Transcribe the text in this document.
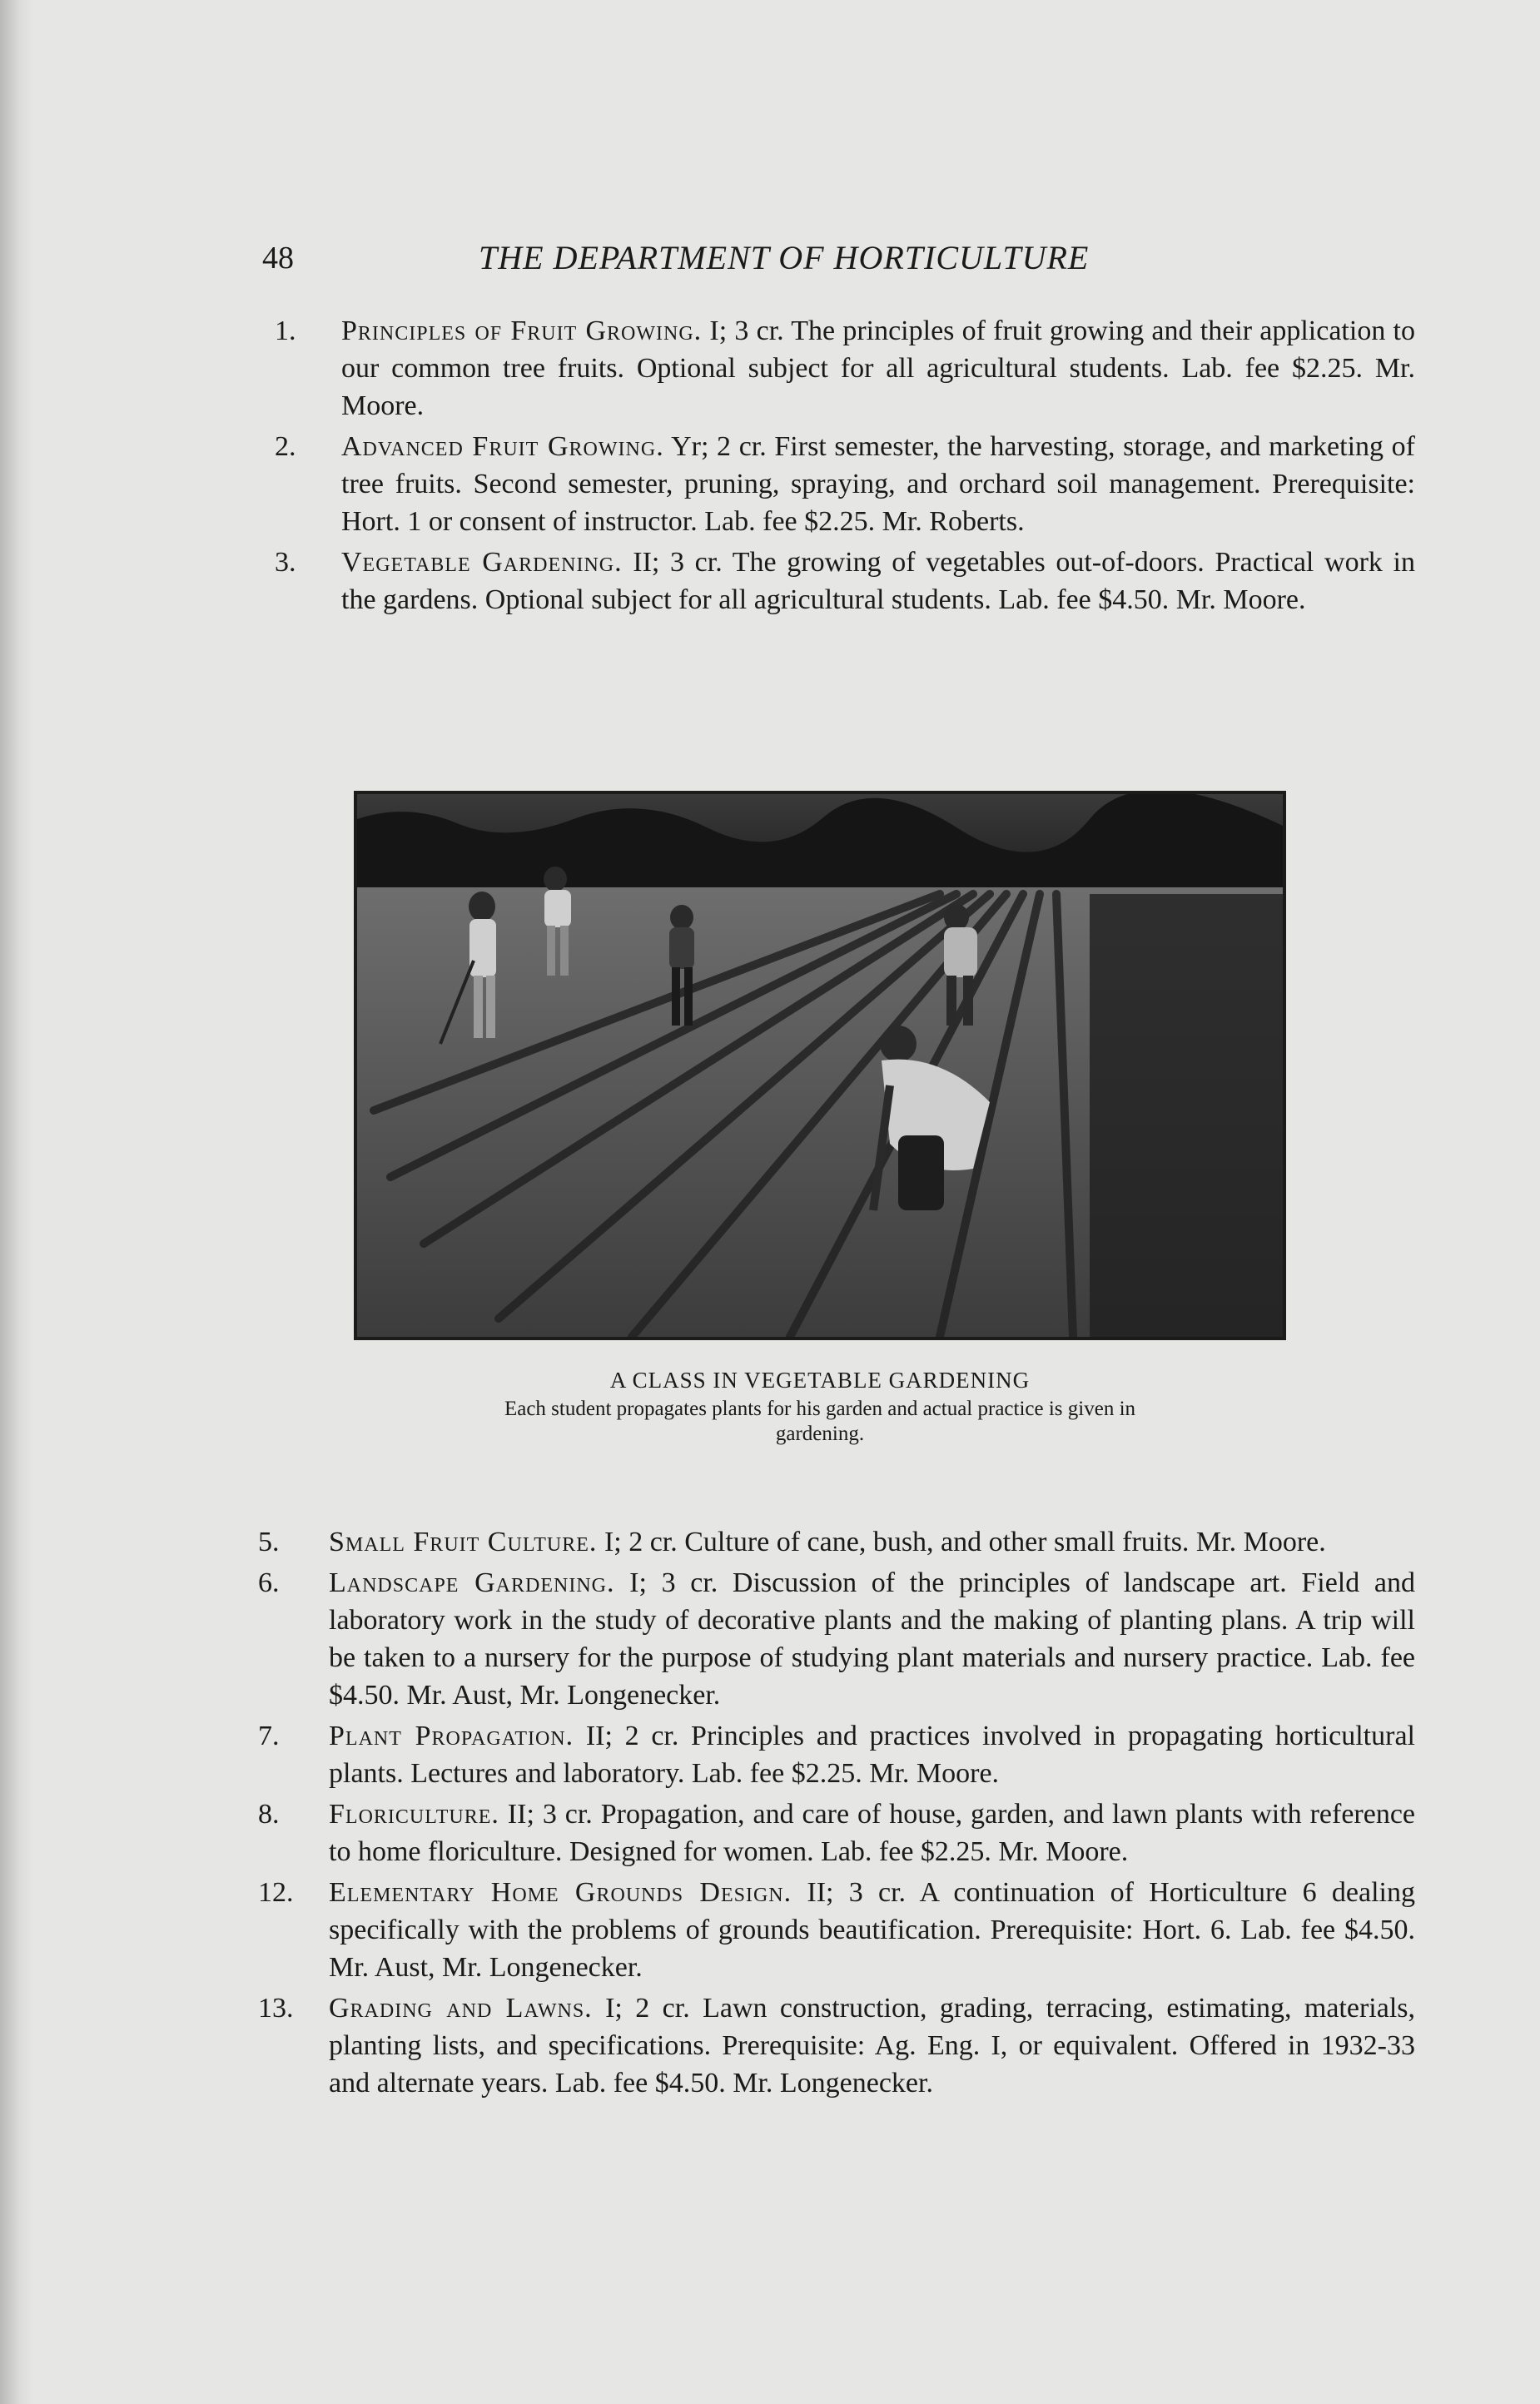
48	THE DEPARTMENT OF HORTICULTURE
1.	Principles of Fruit Growing. I; 3 cr. The principles of fruit growing and their application to our common tree fruits. Optional subject for all agricultural students. Lab. fee $2.25. Mr. Moore.
2.	Advanced Fruit Growing. Yr; 2 cr. First semester, the harvesting, storage, and marketing of tree fruits. Second semester, pruning, spraying, and orchard soil management. Prerequisite: Hort. 1 or consent of instructor. Lab. fee $2.25. Mr. Roberts.
3.	Vegetable Gardening. II; 3 cr. The growing of vegetables out-of-doors. Practical work in the gardens. Optional subject for all agricultural students. Lab. fee $4.50. Mr. Moore.
A CLASS IN VEGETABLE GARDENING
Each student propagates plants for his garden and actual practice is given in gardening.
5.	Small Fruit Culture. I; 2 cr. Culture of cane, bush, and other small fruits. Mr. Moore.
6.	Landscape Gardening. I; 3 cr. Discussion of the principles of landscape art. Field and laboratory work in the study of decorative plants and the making of planting plans. A trip will be taken to a nursery for the purpose of studying plant materials and nursery practice. Lab. fee $4.50. Mr. Aust, Mr. Longenecker.
7.	Plant Propagation. II; 2 cr. Principles and practices involved in propagating horticultural plants. Lectures and laboratory. Lab. fee $2.25. Mr. Moore.
8.	Floriculture. II; 3 cr. Propagation, and care of house, garden, and lawn plants with reference to home floriculture. Designed for women. Lab. fee $2.25. Mr. Moore.
12.	Elementary Home Grounds Design. II; 3 cr. A continuation of Horticulture 6 dealing specifically with the problems of grounds beautification. Prerequisite: Hort. 6. Lab. fee $4.50. Mr. Aust, Mr. Longenecker.
13.	Grading and Lawns. I; 2 cr. Lawn construction, grading, terracing, estimating, materials, planting lists, and specifications. Prerequisite: Ag. Eng. I, or equivalent. Offered in 1932-33 and alternate years. Lab. fee $4.50. Mr. Longenecker.
